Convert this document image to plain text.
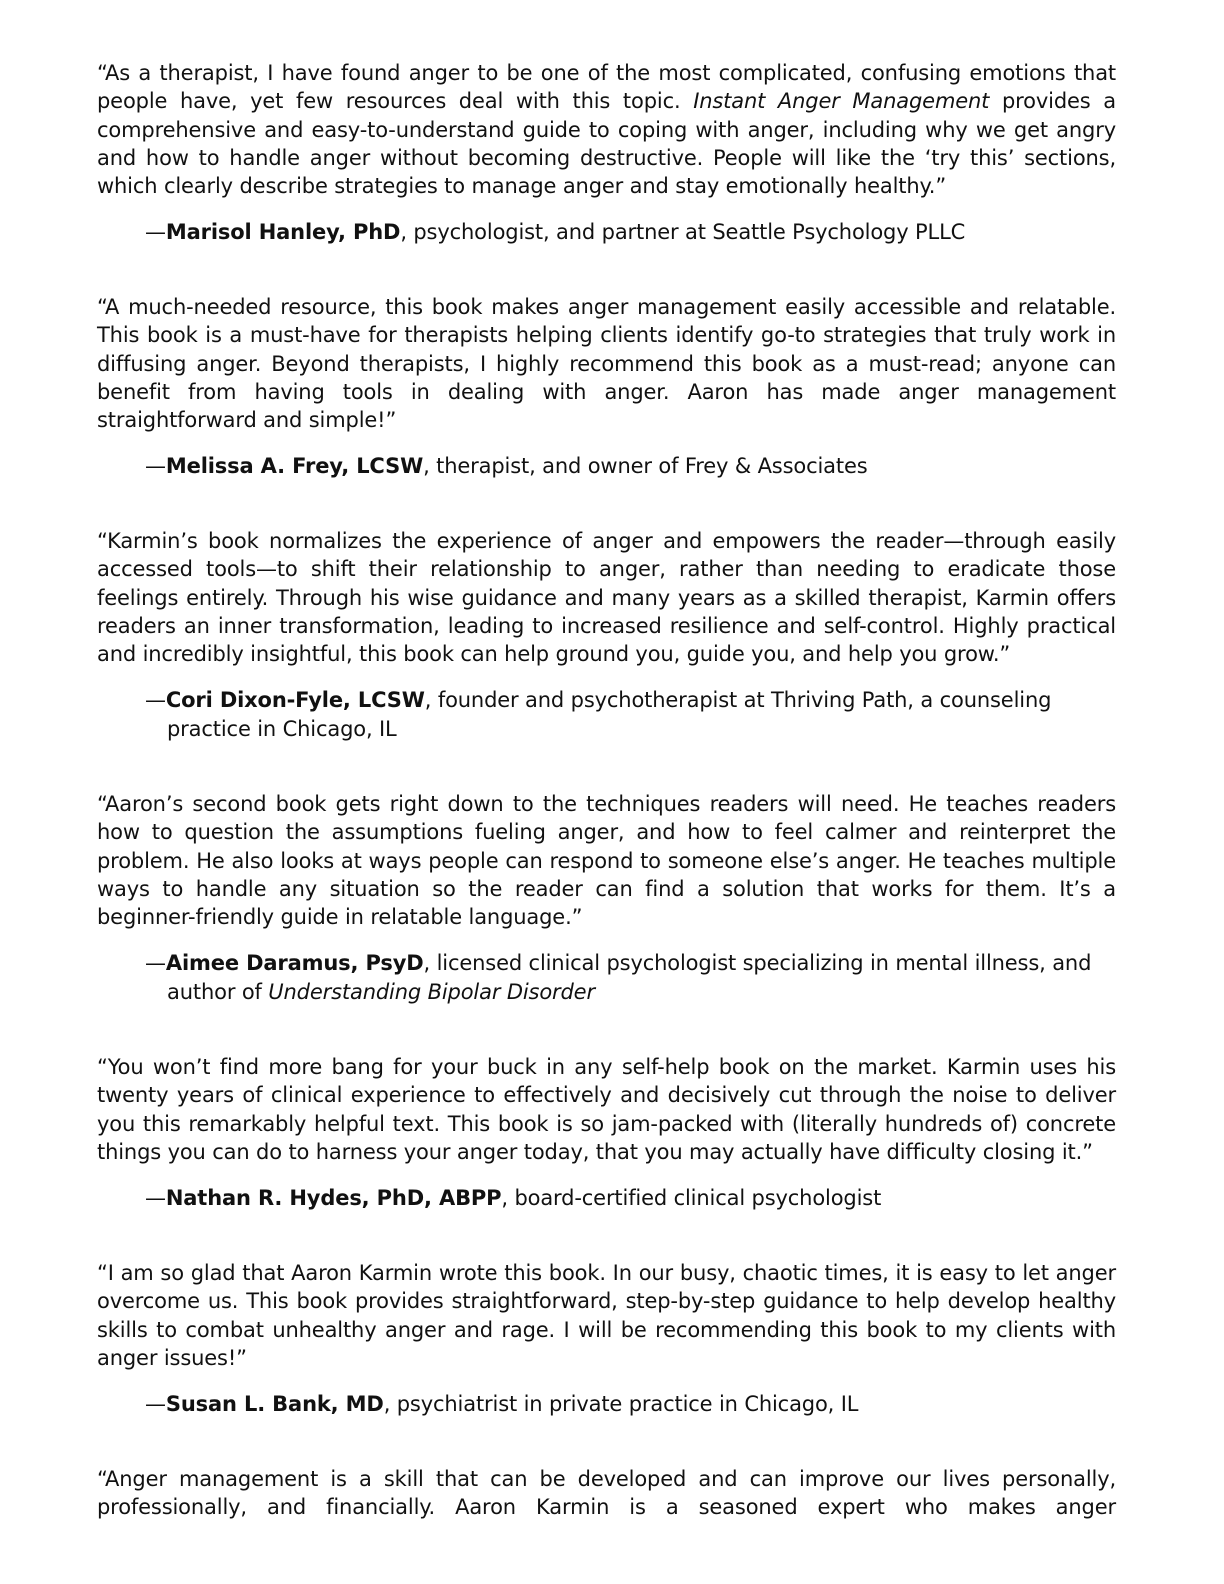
“As a therapist, I have found anger to be one of the most complicated, confusing emotions that people have, yet few resources deal with this topic. Instant Anger Management provides a comprehensive and easy-to-understand guide to coping with anger, including why we get angry and how to handle anger without becoming destructive. People will like the ‘try this’ sections, which clearly describe strategies to manage anger and stay emotionally healthy.”

—Marisol Hanley, PhD, psychologist, and partner at Seattle Psychology PLLC

“A much-needed resource, this book makes anger management easily accessible and relatable. This book is a must-have for therapists helping clients identify go-to strategies that truly work in diffusing anger. Beyond therapists, I highly recommend this book as a must-read; anyone can benefit from having tools in dealing with anger. Aaron has made anger management straightforward and simple!”

—Melissa A. Frey, LCSW, therapist, and owner of Frey & Associates

“Karmin’s book normalizes the experience of anger and empowers the reader—through easily accessed tools—to shift their relationship to anger, rather than needing to eradicate those feelings entirely. Through his wise guidance and many years as a skilled therapist, Karmin offers readers an inner transformation, leading to increased resilience and self-control. Highly practical and incredibly insightful, this book can help ground you, guide you, and help you grow.”

—Cori Dixon-Fyle, LCSW, founder and psychotherapist at Thriving Path, a counseling practice in Chicago, IL

“Aaron’s second book gets right down to the techniques readers will need. He teaches readers how to question the assumptions fueling anger, and how to feel calmer and reinterpret the problem. He also looks at ways people can respond to someone else’s anger. He teaches multiple ways to handle any situation so the reader can find a solution that works for them. It’s a beginner-friendly guide in relatable language.”

—Aimee Daramus, PsyD, licensed clinical psychologist specializing in mental illness, and author of Understanding Bipolar Disorder

“You won’t find more bang for your buck in any self-help book on the market. Karmin uses his twenty years of clinical experience to effectively and decisively cut through the noise to deliver you this remarkably helpful text. This book is so jam-packed with (literally hundreds of) concrete things you can do to harness your anger today, that you may actually have difficulty closing it.”

—Nathan R. Hydes, PhD, ABPP, board-certified clinical psychologist

“I am so glad that Aaron Karmin wrote this book. In our busy, chaotic times, it is easy to let anger overcome us. This book provides straightforward, step-by-step guidance to help develop healthy skills to combat unhealthy anger and rage. I will be recommending this book to my clients with anger issues!”

—Susan L. Bank, MD, psychiatrist in private practice in Chicago, IL

“Anger management is a skill that can be developed and can improve our lives personally, professionally, and financially. Aaron Karmin is a seasoned expert who makes anger
